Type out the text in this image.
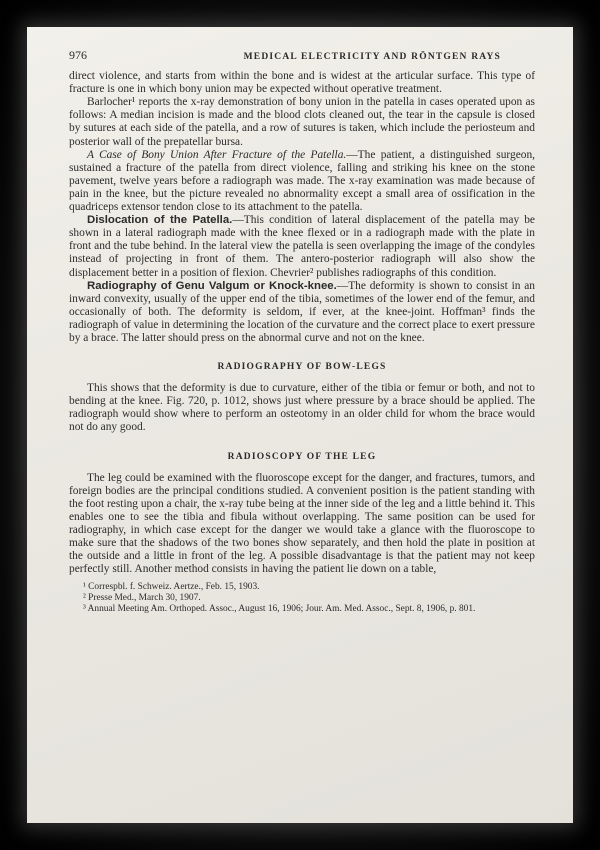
976	MEDICAL ELECTRICITY AND RÖNTGEN RAYS

direct violence, and starts from within the bone and is widest at the articular surface. This type of fracture is one in which bony union may be expected without operative treatment.

Barlocher¹ reports the x-ray demonstration of bony union in the patella in cases operated upon as follows: A median incision is made and the blood clots cleaned out, the tear in the capsule is closed by sutures at each side of the patella, and a row of sutures is taken, which include the periosteum and posterior wall of the prepatellar bursa.

A Case of Bony Union After Fracture of the Patella.—The patient, a distinguished surgeon, sustained a fracture of the patella from direct violence, falling and striking his knee on the stone pavement, twelve years before a radiograph was made. The x-ray examination was made because of pain in the knee, but the picture revealed no abnormality except a small area of ossification in the quadriceps extensor tendon close to its attachment to the patella.

Dislocation of the Patella.—This condition of lateral displacement of the patella may be shown in a lateral radiograph made with the knee flexed or in a radiograph made with the plate in front and the tube behind. In the lateral view the patella is seen overlapping the image of the condyles instead of projecting in front of them. The antero-posterior radiograph will also show the displacement better in a position of flexion. Chevrier² publishes radiographs of this condition.

Radiography of Genu Valgum or Knock-knee.—The deformity is shown to consist in an inward convexity, usually of the upper end of the tibia, sometimes of the lower end of the femur, and occasionally of both. The deformity is seldom, if ever, at the knee-joint. Hoffman³ finds the radiograph of value in determining the location of the curvature and the correct place to exert pressure by a brace. The latter should press on the abnormal curve and not on the knee.

RADIOGRAPHY OF BOW-LEGS

This shows that the deformity is due to curvature, either of the tibia or femur or both, and not to bending at the knee. Fig. 720, p. 1012, shows just where pressure by a brace should be applied. The radiograph would show where to perform an osteotomy in an older child for whom the brace would not do any good.

RADIOSCOPY OF THE LEG

The leg could be examined with the fluoroscope except for the danger, and fractures, tumors, and foreign bodies are the principal conditions studied. A convenient position is the patient standing with the foot resting upon a chair, the x-ray tube being at the inner side of the leg and a little behind it. This enables one to see the tibia and fibula without overlapping. The same position can be used for radiography, in which case except for the danger we would take a glance with the fluoroscope to make sure that the shadows of the two bones show separately, and then hold the plate in position at the outside and a little in front of the leg. A possible disadvantage is that the patient may not keep perfectly still. Another method consists in having the patient lie down on a table,

¹ Correspbl. f. Schweiz. Aertze., Feb. 15, 1903.

² Presse Med., March 30, 1907.

³ Annual Meeting Am. Orthoped. Assoc., August 16, 1906; Jour. Am. Med. Assoc., Sept. 8, 1906, p. 801.
